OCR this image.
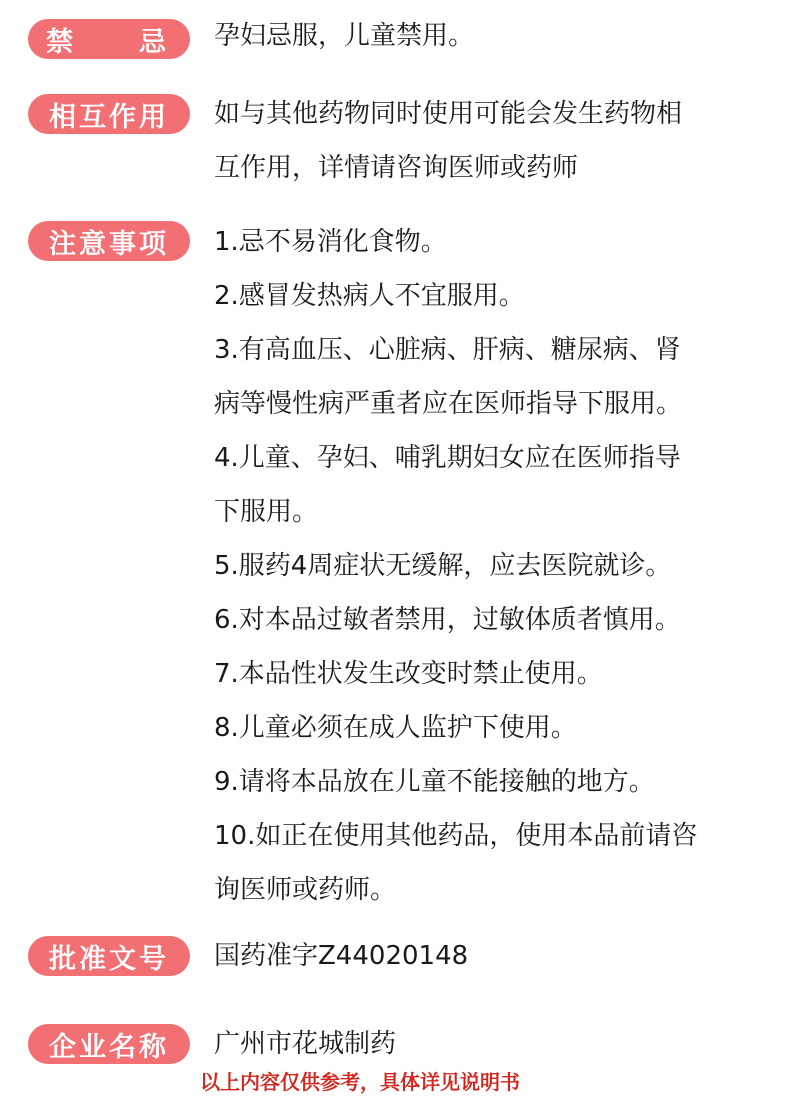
禁 忌 孕妇忌服，儿童禁用。
相互作用	如与其他药物同时使用可能会发生药物相
互作用，详情请咨询医师或药师
注意事项	1.忌不易消化食物。
2.感冒发热病人不宜服用。
3.有高血压、心脏病、肝病、糖尿病、肾
病等慢性病严重者应在医师指导下服用。
4.儿童、孕妇、哺乳期妇女应在医师指导
下服用。
5.服药4周症状无缓解，应去医院就诊。
6.对本品过敏者禁用，过敏体质者慎用。
7.本品性状发生改变时禁止使用。
8.儿童必须在成人监护下使用。
9.请将本品放在儿童不能接触的地方。
10.如正在使用其他药品，使用本品前请咨
询医师或药师。
批准文号	国药准字Z44020148
企业名称	广州市花城制药
以上内容仅供参考，具体详见说明书
